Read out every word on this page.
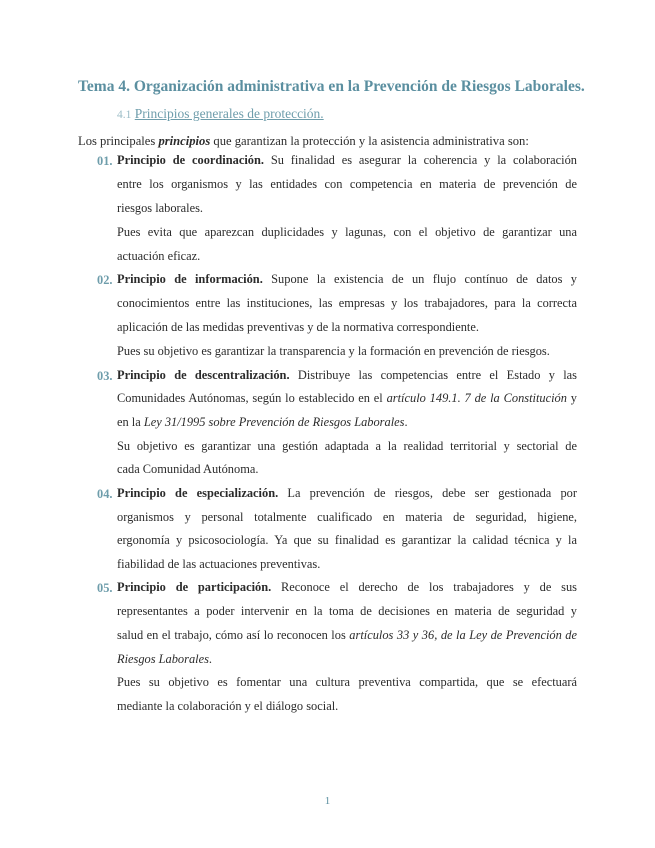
Tema 4. Organización administrativa en la Prevención de Riesgos Laborales.
4.1 Principios generales de protección.
Los principales principios que garantizan la protección y la asistencia administrativa son:
01. Principio de coordinación. Su finalidad es asegurar la coherencia y la colaboración
entre los organismos y las entidades con competencia en materia de prevención de
riesgos laborales.
Pues evita que aparezcan duplicidades y lagunas, con el objetivo de garantizar una
actuación eficaz.
02. Principio de información. Supone la existencia de un flujo contínuo de datos y
conocimientos entre las instituciones, las empresas y los trabajadores, para la correcta
aplicación de las medidas preventivas y de la normativa correspondiente.
Pues su objetivo es garantizar la transparencia y la formación en prevención de riesgos.
03. Principio de descentralización. Distribuye las competencias entre el Estado y las
Comunidades Autónomas, según lo establecido en el artículo 149.1. 7 de la Constitución y
en la Ley 31/1995 sobre Prevención de Riesgos Laborales.
Su objetivo es garantizar una gestión adaptada a la realidad territorial y sectorial de
cada Comunidad Autónoma.
04. Principio de especialización. La prevención de riesgos, debe ser gestionada por
organismos y personal totalmente cualificado en materia de seguridad, higiene,
ergonomía y psicosociología. Ya que su finalidad es garantizar la calidad técnica y la
fiabilidad de las actuaciones preventivas.
05. Principio de participación. Reconoce el derecho de los trabajadores y de sus
representantes a poder intervenir en la toma de decisiones en materia de seguridad y
salud en el trabajo, cómo así lo reconocen los artículos 33 y 36, de la Ley de Prevención de
Riesgos Laborales.
Pues su objetivo es fomentar una cultura preventiva compartida, que se efectuará
mediante la colaboración y el diálogo social.
1
